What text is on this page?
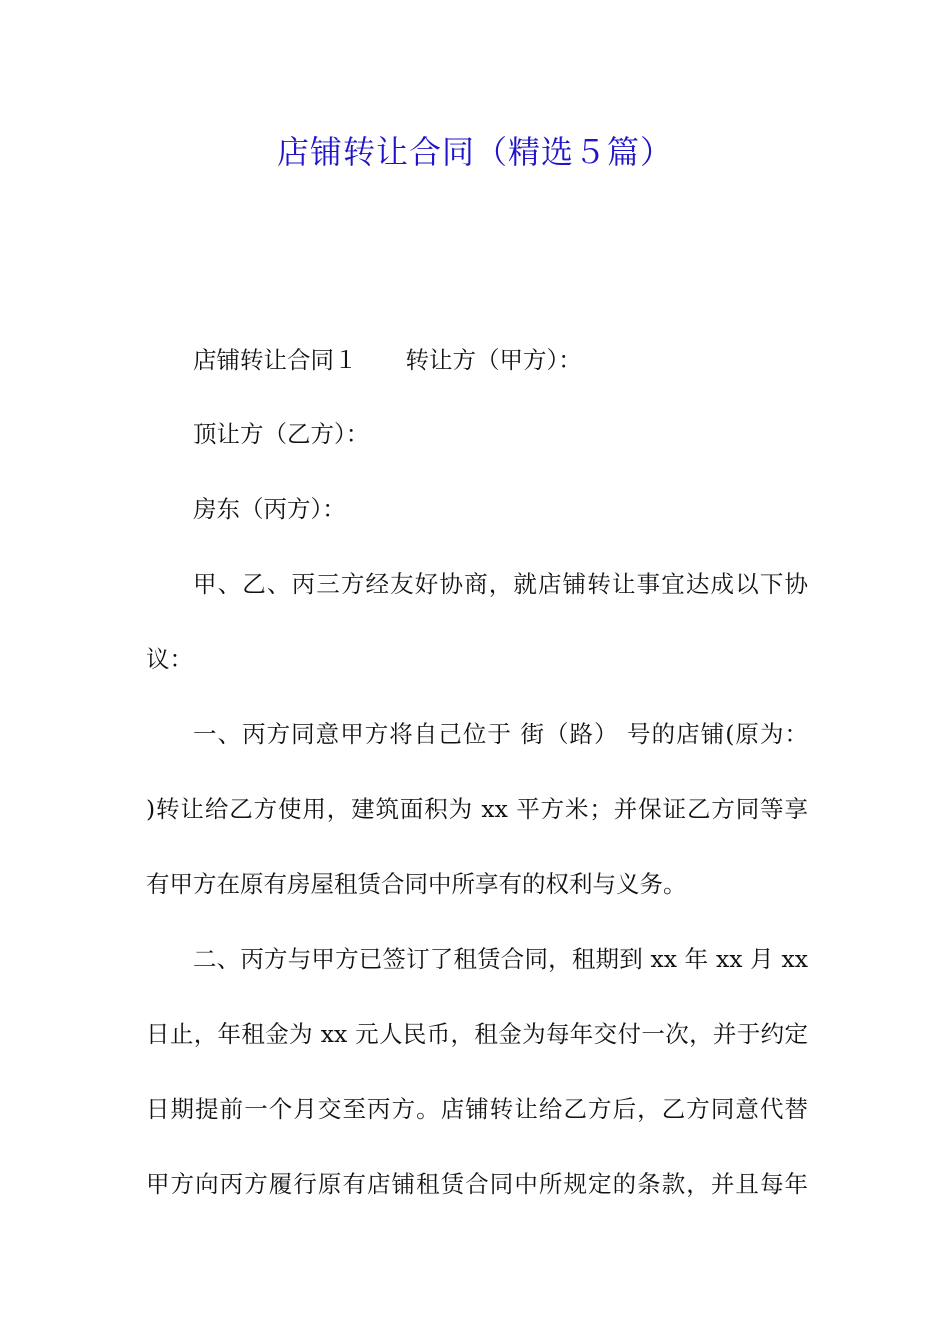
店铺转让合同（精选５篇）
店铺转让合同１ 转让方（甲方）：
顶让方（乙方）：
房东（丙方）：
甲、乙、丙三方经友好协商，就店铺转让事宜达成以下协
议：
一、丙方同意甲方将自己位于 街（路） 号的店铺(原为：
)转让给乙方使用，建筑面积为 xx 平方米；并保证乙方同等享
有甲方在原有房屋租赁合同中所享有的权利与义务。
二、丙方与甲方已签订了租赁合同，租期到 xx 年 xx 月 xx
日止，年租金为 xx 元人民币，租金为每年交付一次，并于约定
日期提前一个月交至丙方。店铺转让给乙方后，乙方同意代替
甲方向丙方履行原有店铺租赁合同中所规定的条款，并且每年
